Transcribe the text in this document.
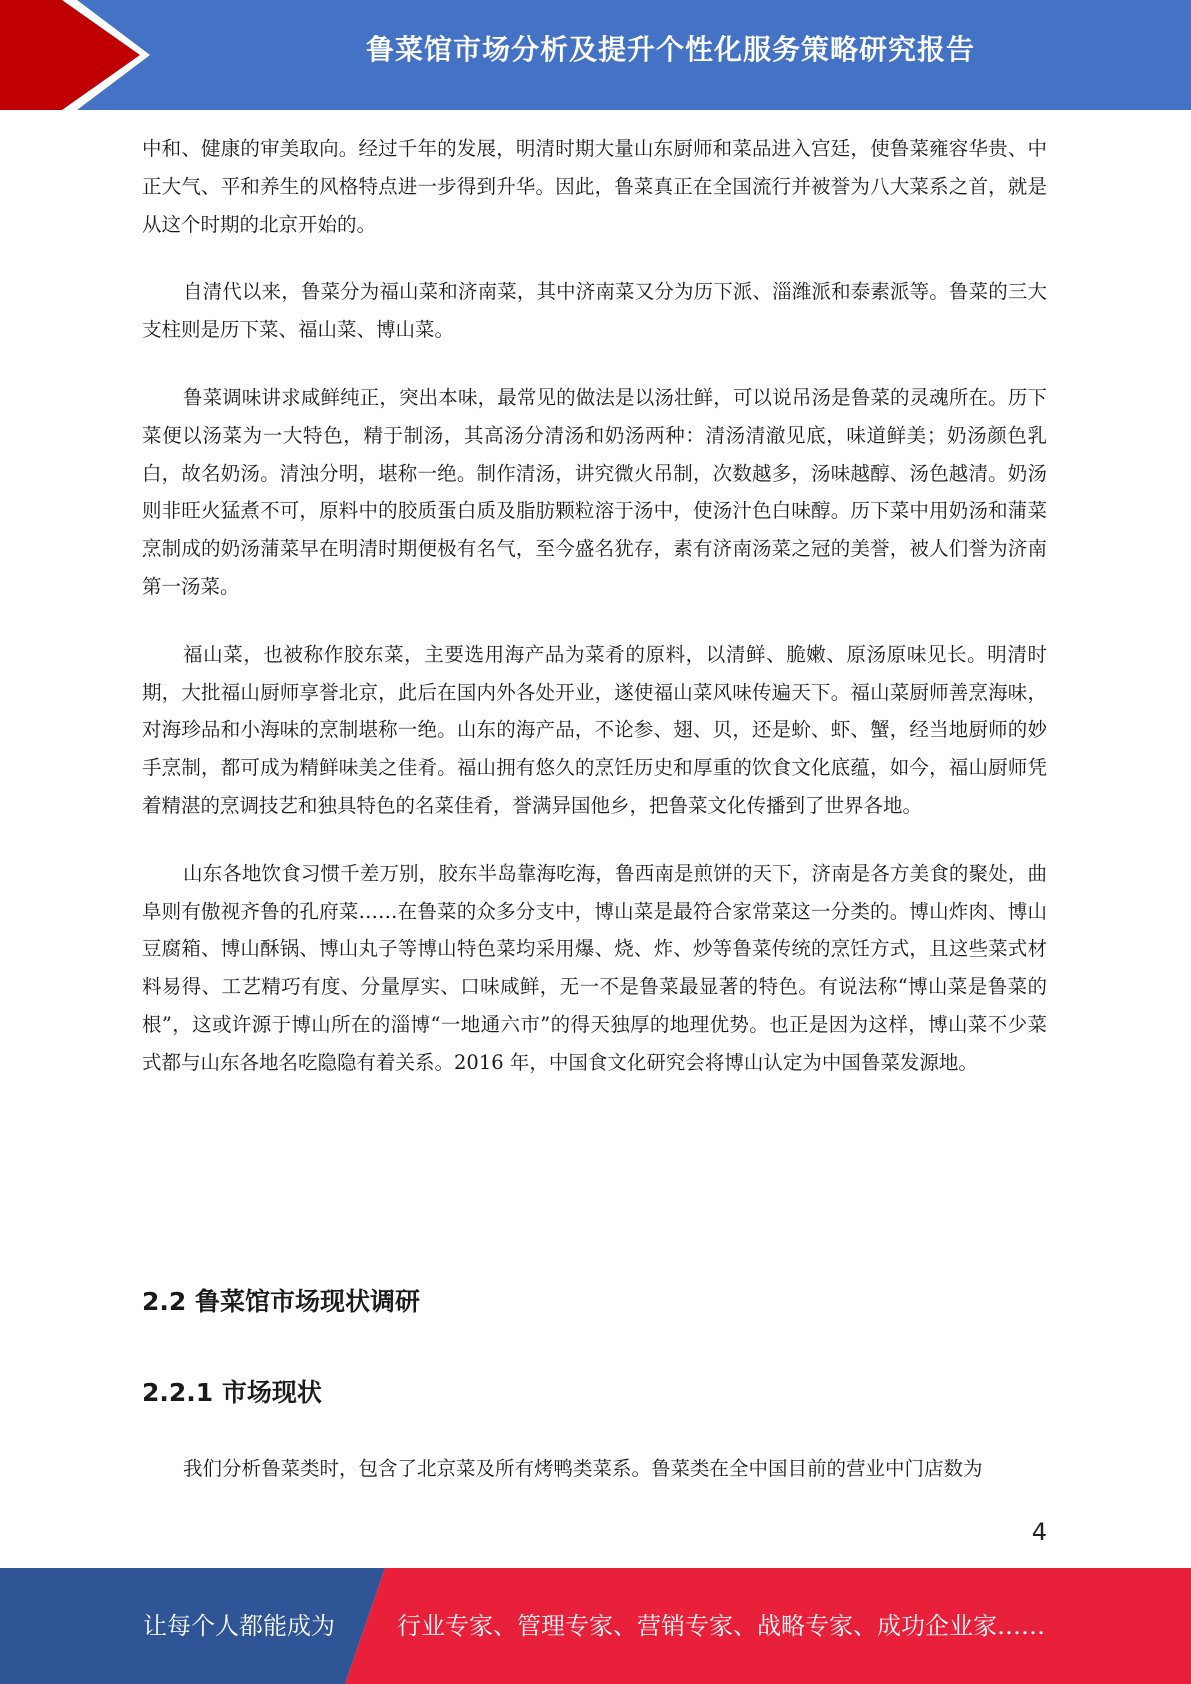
鲁菜馆市场分析及提升个性化服务策略研究报告

中和、健康的审美取向。经过千年的发展，明清时期大量山东厨师和菜品进入宫廷，使鲁菜雍容华贵、中正大气、平和养生的风格特点进一步得到升华。因此，鲁菜真正在全国流行并被誉为八大菜系之首，就是从这个时期的北京开始的。

自清代以来，鲁菜分为福山菜和济南菜，其中济南菜又分为历下派、淄潍派和泰素派等。鲁菜的三大支柱则是历下菜、福山菜、博山菜。

鲁菜调味讲求咸鲜纯正，突出本味，最常见的做法是以汤壮鲜，可以说吊汤是鲁菜的灵魂所在。历下菜便以汤菜为一大特色，精于制汤，其高汤分清汤和奶汤两种：清汤清澈见底，味道鲜美；奶汤颜色乳白，故名奶汤。清浊分明，堪称一绝。制作清汤，讲究微火吊制，次数越多，汤味越醇、汤色越清。奶汤则非旺火猛煮不可，原料中的胶质蛋白质及脂肪颗粒溶于汤中，使汤汁色白味醇。历下菜中用奶汤和蒲菜烹制成的奶汤蒲菜早在明清时期便极有名气，至今盛名犹存，素有济南汤菜之冠的美誉，被人们誉为济南第一汤菜。

福山菜，也被称作胶东菜，主要选用海产品为菜肴的原料，以清鲜、脆嫩、原汤原味见长。明清时期，大批福山厨师享誉北京，此后在国内外各处开业，遂使福山菜风味传遍天下。福山菜厨师善烹海味，对海珍品和小海味的烹制堪称一绝。山东的海产品，不论参、翅、贝，还是蚧、虾、蟹，经当地厨师的妙手烹制，都可成为精鲜味美之佳肴。福山拥有悠久的烹饪历史和厚重的饮食文化底蕴，如今，福山厨师凭着精湛的烹调技艺和独具特色的名菜佳肴，誉满异国他乡，把鲁菜文化传播到了世界各地。

山东各地饮食习惯千差万别，胶东半岛靠海吃海，鲁西南是煎饼的天下，济南是各方美食的聚处，曲阜则有傲视齐鲁的孔府菜……在鲁菜的众多分支中，博山菜是最符合家常菜这一分类的。博山炸肉、博山豆腐箱、博山酥锅、博山丸子等博山特色菜均采用爆、烧、炸、炒等鲁菜传统的烹饪方式，且这些菜式材料易得、工艺精巧有度、分量厚实、口味咸鲜，无一不是鲁菜最显著的特色。有说法称“博山菜是鲁菜的根”，这或许源于博山所在的淄博“一地通六市”的得天独厚的地理优势。也正是因为这样，博山菜不少菜式都与山东各地名吃隐隐有着关系。2016 年，中国食文化研究会将博山认定为中国鲁菜发源地。

2.2 鲁菜馆市场现状调研
2.2.1 市场现状

我们分析鲁菜类时，包含了北京菜及所有烤鸭类菜系。鲁菜类在全中国目前的营业中门店数为

4
让每个人都能成为	行业专家、管理专家、营销专家、战略专家、成功企业家……
